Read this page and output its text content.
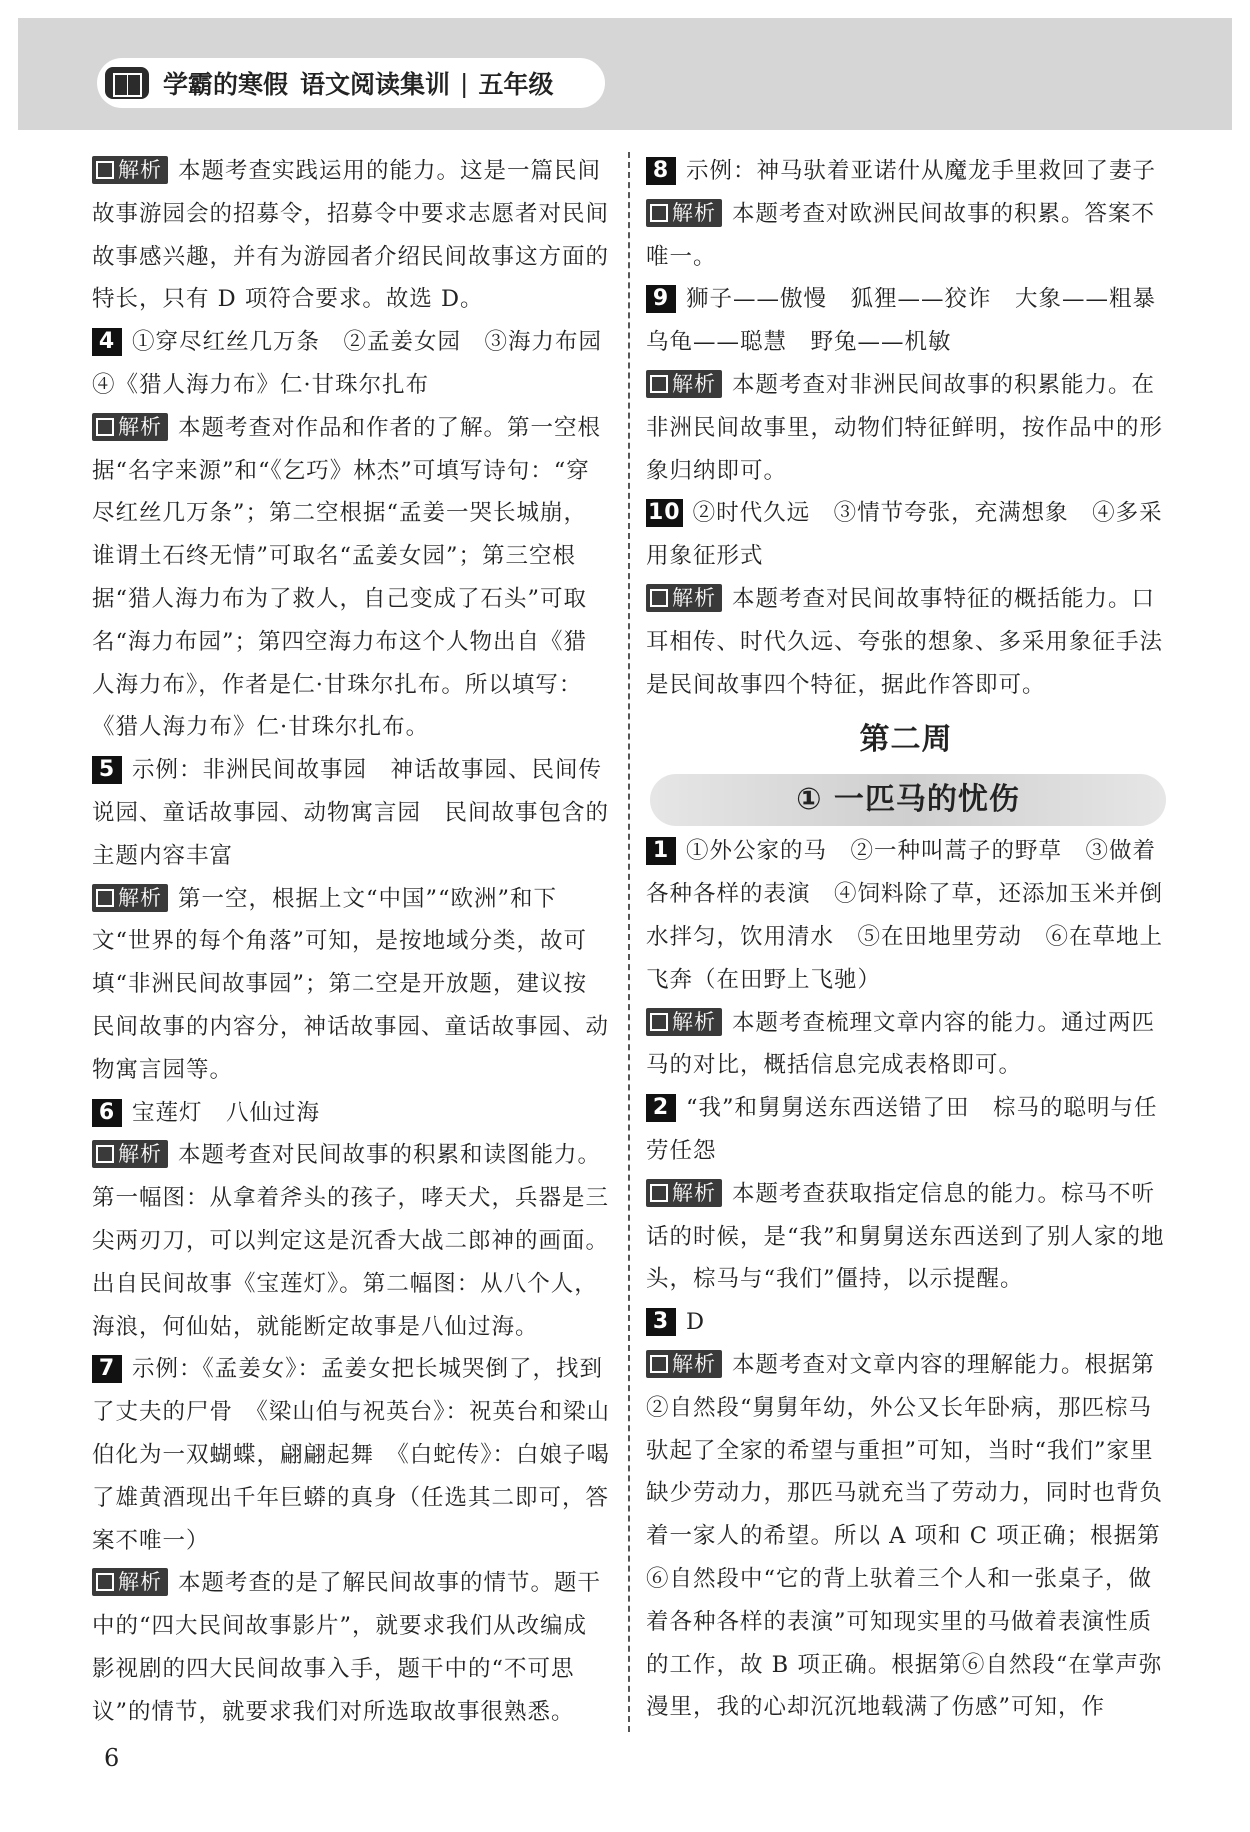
学霸的寒假 语文阅读集训 | 五年级

解析 本题考查实践运用的能力。这是一篇民间故事游园会的招募令，招募令中要求志愿者对民间故事感兴趣，并有为游园者介绍民间故事这方面的特长，只有 D 项符合要求。故选 D。

4 ①穿尽红丝几万条　②孟姜女园　③海力布园　④《猎人海力布》仁·甘珠尔扎布

解析 本题考查对作品和作者的了解。第一空根据“名字来源”和“《乞巧》林杰”可填写诗句：“穿尽红丝几万条”；第二空根据“孟姜一哭长城崩，谁谓土石终无情”可取名“孟姜女园”；第三空根据“猎人海力布为了救人，自己变成了石头”可取名“海力布园”；第四空海力布这个人物出自《猎人海力布》，作者是仁·甘珠尔扎布。所以填写：《猎人海力布》仁·甘珠尔扎布。

5 示例：非洲民间故事园　神话故事园、民间传说园、童话故事园、动物寓言园　民间故事包含的主题内容丰富

解析 第一空，根据上文“中国”“欧洲”和下文“世界的每个角落”可知，是按地域分类，故可填“非洲民间故事园”；第二空是开放题，建议按民间故事的内容分，神话故事园、童话故事园、动物寓言园等。

6 宝莲灯　八仙过海

解析 本题考查对民间故事的积累和读图能力。第一幅图：从拿着斧头的孩子，哮天犬，兵器是三尖两刃刀，可以判定这是沉香大战二郎神的画面。出自民间故事《宝莲灯》。第二幅图：从八个人，海浪，何仙姑，就能断定故事是八仙过海。

7 示例：《孟姜女》：孟姜女把长城哭倒了，找到了丈夫的尸骨　《梁山伯与祝英台》：祝英台和梁山伯化为一双蝴蝶，翩翩起舞　《白蛇传》：白娘子喝了雄黄酒现出千年巨蟒的真身（任选其二即可，答案不唯一）

解析 本题考查的是了解民间故事的情节。题干中的“四大民间故事影片”，就要求我们从改编成影视剧的四大民间故事入手，题干中的“不可思议”的情节，就要求我们对所选取故事很熟悉。

8 示例：神马驮着亚诺什从魔龙手里救回了妻子

解析 本题考查对欧洲民间故事的积累。答案不唯一。

9 狮子——傲慢　狐狸——狡诈　大象——粗暴　乌龟——聪慧　野兔——机敏

解析 本题考查对非洲民间故事的积累能力。在非洲民间故事里，动物们特征鲜明，按作品中的形象归纳即可。

10 ②时代久远　③情节夸张，充满想象　④多采用象征形式

解析 本题考查对民间故事特征的概括能力。口耳相传、时代久远、夸张的想象、多采用象征手法是民间故事四个特征，据此作答即可。

第二周
① 一匹马的忧伤

1 ①外公家的马　②一种叫蒿子的野草　③做着各种各样的表演　④饲料除了草，还添加玉米并倒水拌匀，饮用清水　⑤在田地里劳动　⑥在草地上飞奔（在田野上飞驰）

解析 本题考查梳理文章内容的能力。通过两匹马的对比，概括信息完成表格即可。

2 “我”和舅舅送东西送错了田　棕马的聪明与任劳任怨

解析 本题考查获取指定信息的能力。棕马不听话的时候，是“我”和舅舅送东西送到了别人家的地头，棕马与“我们”僵持，以示提醒。

3 D

解析 本题考查对文章内容的理解能力。根据第②自然段“舅舅年幼，外公又长年卧病，那匹棕马驮起了全家的希望与重担”可知，当时“我们”家里缺少劳动力，那匹马就充当了劳动力，同时也背负着一家人的希望。所以 A 项和 C 项正确；根据第⑥自然段中“它的背上驮着三个人和一张桌子，做着各种各样的表演”可知现实里的马做着表演性质的工作，故 B 项正确。根据第⑥自然段“在掌声弥漫里，我的心却沉沉地载满了伤感”可知，作

6
